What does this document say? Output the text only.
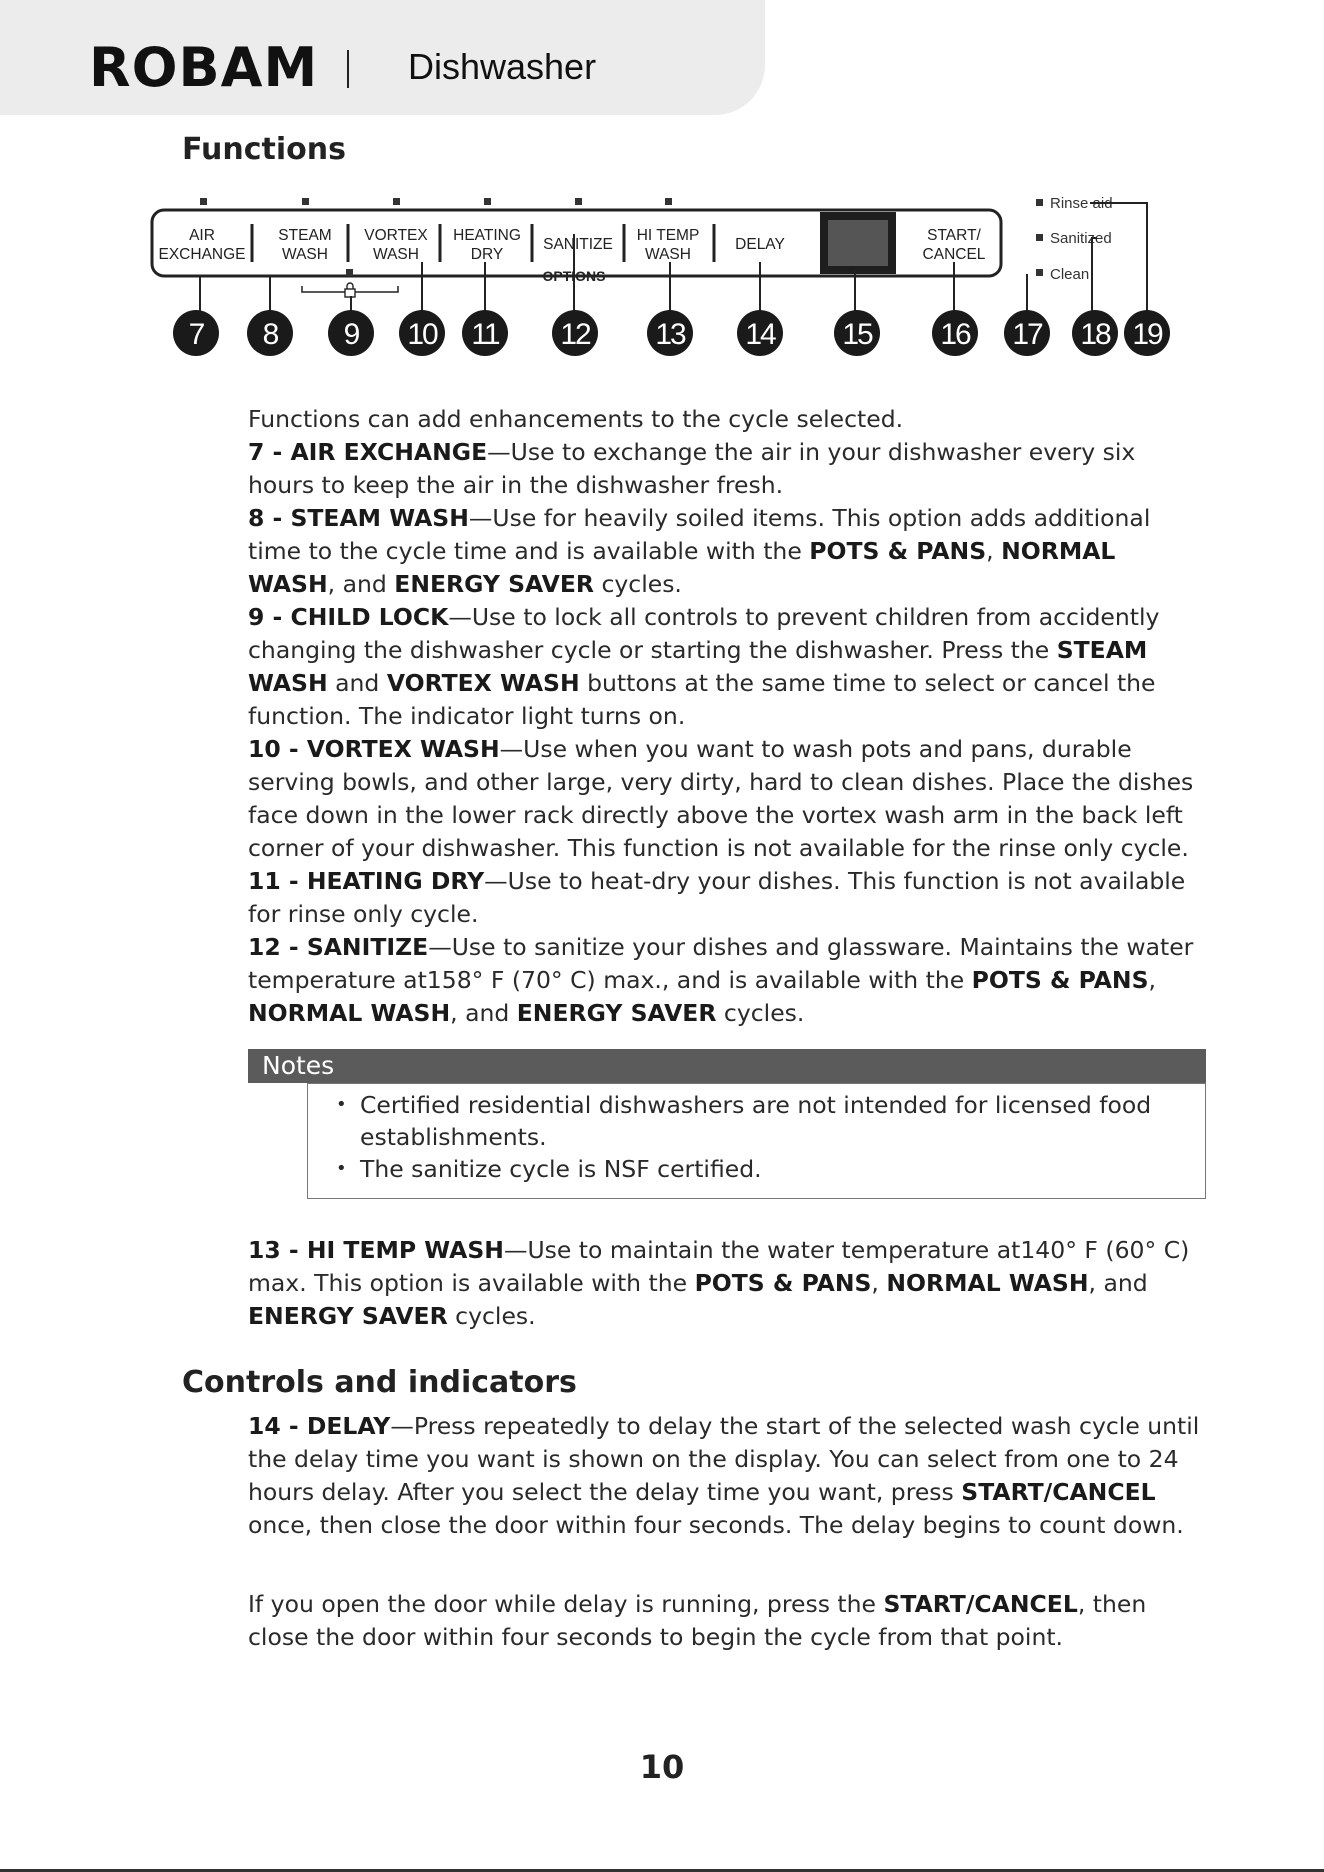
ROBAM Dishwasher
Functions
AIR
EXCHANGE
STEAM
WASH
VORTEX
WASH
HEATING
DRY
SANITIZE
HI TEMP
WASH
DELAY
START/
CANCEL
OPTIONS
Rinse aid
Sanitized
Clean
7 8 9 10 11 12 13 14 15 16 17 18 19

Functions can add enhancements to the cycle selected.

7 - AIR EXCHANGE—Use to exchange the air in your dishwasher every six hours to keep the air in the dishwasher fresh.

8 - STEAM WASH—Use for heavily soiled items. This option adds additional time to the cycle time and is available with the POTS & PANS, NORMAL WASH, and ENERGY SAVER cycles.

9 - CHILD LOCK—Use to lock all controls to prevent children from accidently changing the dishwasher cycle or starting the dishwasher. Press the STEAM WASH and VORTEX WASH buttons at the same time to select or cancel the function. The indicator light turns on.

10 - VORTEX WASH—Use when you want to wash pots and pans, durable serving bowls, and other large, very dirty, hard to clean dishes. Place the dishes face down in the lower rack directly above the vortex wash arm in the back left corner of your dishwasher. This function is not available for the rinse only cycle.

11 - HEATING DRY—Use to heat-dry your dishes. This function is not available for rinse only cycle.

12 - SANITIZE—Use to sanitize your dishes and glassware. Maintains the water temperature at158° F (70° C) max., and is available with the POTS & PANS, NORMAL WASH, and ENERGY SAVER cycles.

Notes
• Certified residential dishwashers are not intended for licensed food establishments.
• The sanitize cycle is NSF certified.

13 - HI TEMP WASH—Use to maintain the water temperature at140° F (60° C) max. This option is available with the POTS & PANS, NORMAL WASH, and ENERGY SAVER cycles.

Controls and indicators

14 - DELAY—Press repeatedly to delay the start of the selected wash cycle until the delay time you want is shown on the display. You can select from one to 24 hours delay. After you select the delay time you want, press START/CANCEL once, then close the door within four seconds. The delay begins to count down.

If you open the door while delay is running, press the START/CANCEL, then close the door within four seconds to begin the cycle from that point.

10
